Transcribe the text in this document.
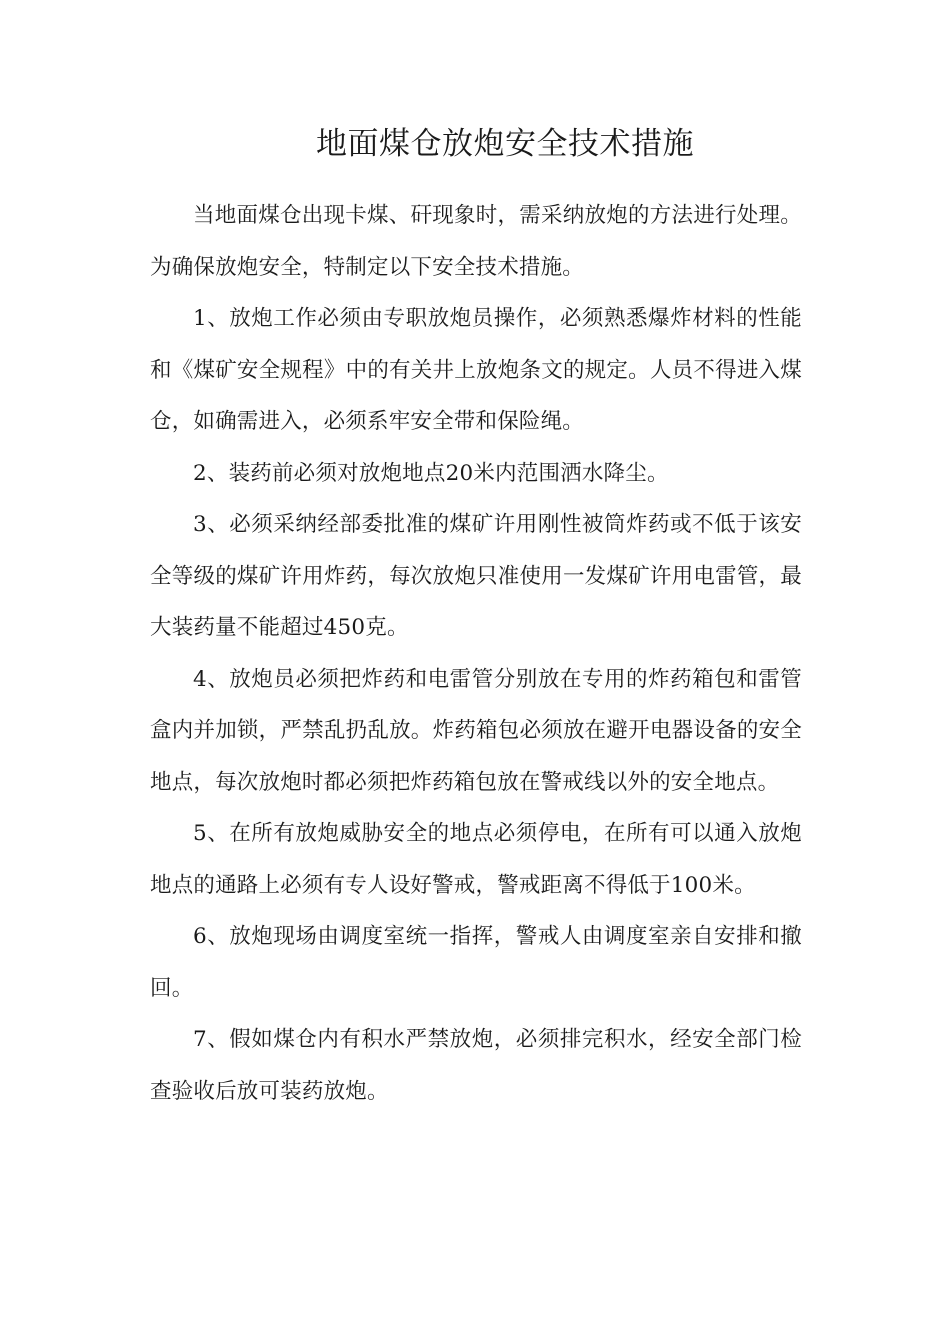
地面煤仓放炮安全技术措施

当地面煤仓出现卡煤、矸现象时，需采纳放炮的方法进行处理。为确保放炮安全，特制定以下安全技术措施。

1、放炮工作必须由专职放炮员操作，必须熟悉爆炸材料的性能和《煤矿安全规程》中的有关井上放炮条文的规定。人员不得进入煤仓，如确需进入，必须系牢安全带和保险绳。

2、装药前必须对放炮地点20米内范围洒水降尘。

3、必须采纳经部委批准的煤矿许用刚性被筒炸药或不低于该安全等级的煤矿许用炸药，每次放炮只准使用一发煤矿许用电雷管，最大装药量不能超过450克。

4、放炮员必须把炸药和电雷管分别放在专用的炸药箱包和雷管盒内并加锁，严禁乱扔乱放。炸药箱包必须放在避开电器设备的安全地点，每次放炮时都必须把炸药箱包放在警戒线以外的安全地点。

5、在所有放炮威胁安全的地点必须停电，在所有可以通入放炮地点的通路上必须有专人设好警戒，警戒距离不得低于100米。

6、放炮现场由调度室统一指挥，警戒人由调度室亲自安排和撤回。

7、假如煤仓内有积水严禁放炮，必须排完积水，经安全部门检查验收后放可装药放炮。
